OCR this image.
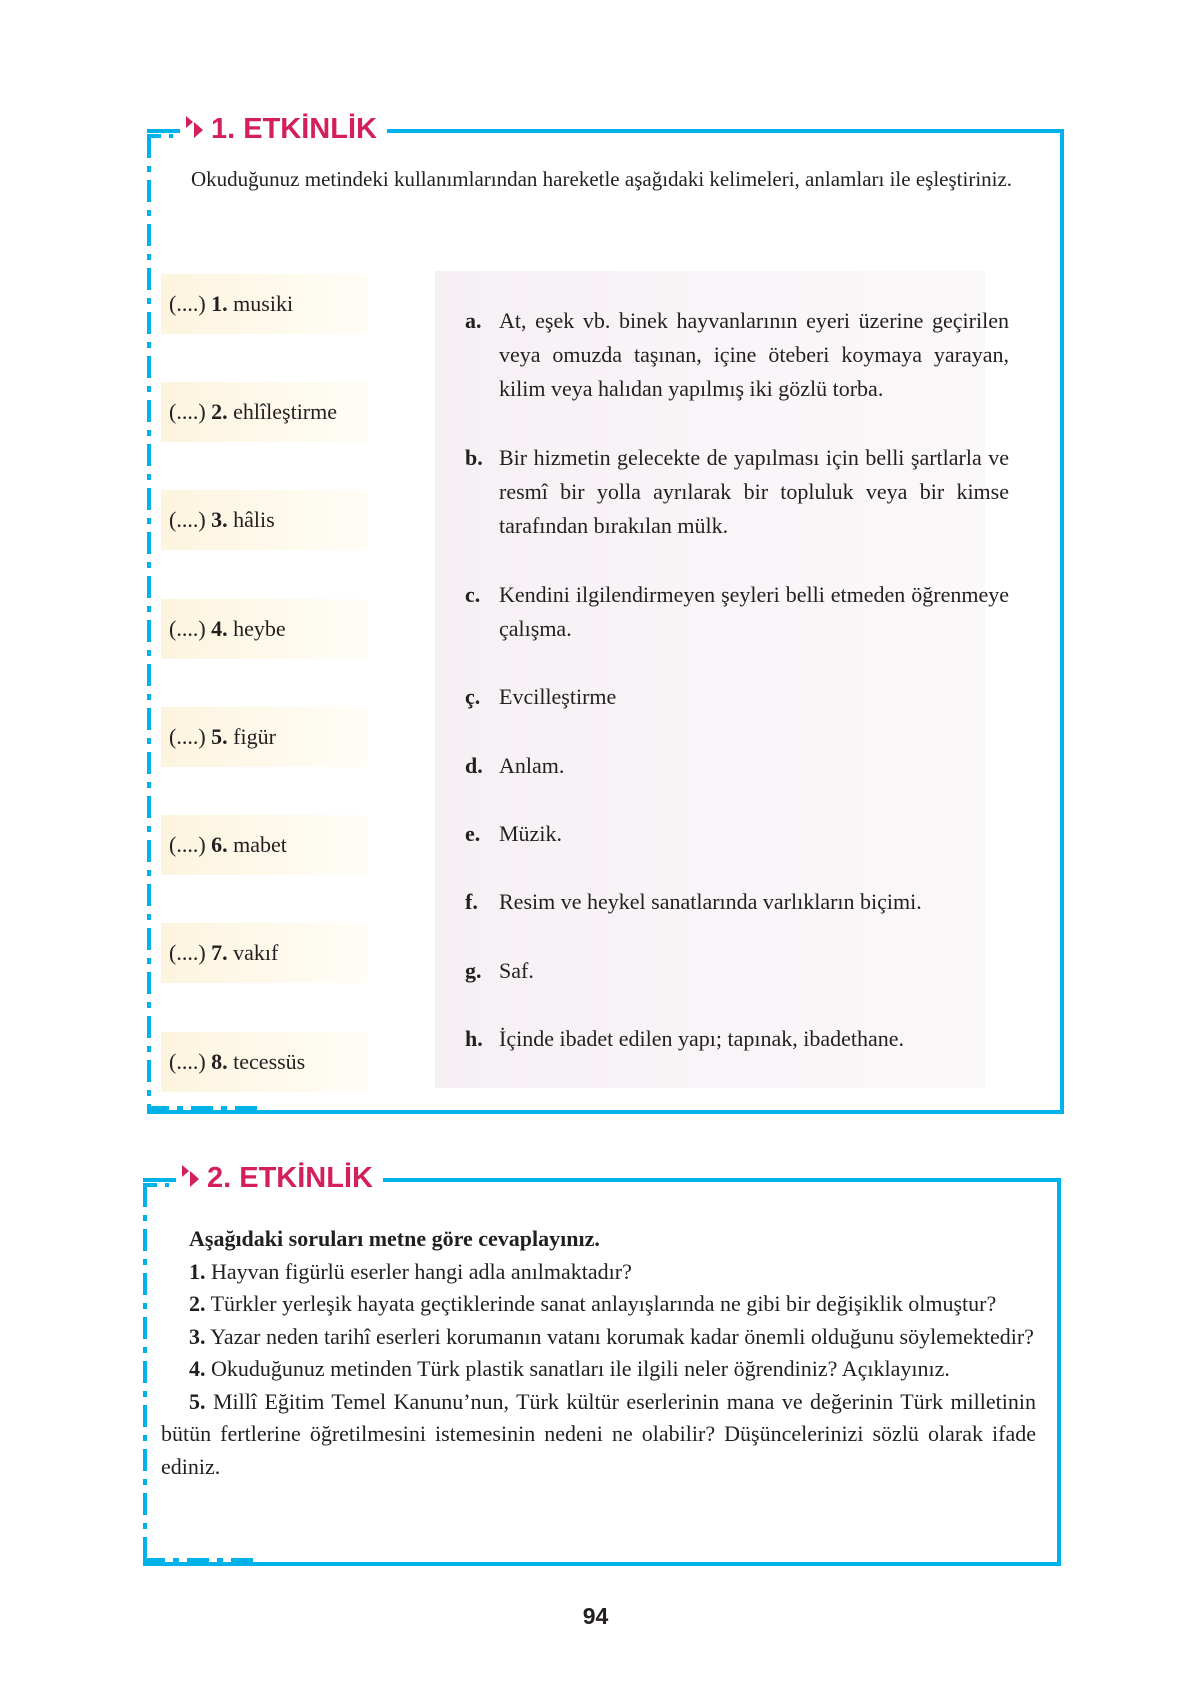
1. ETKİNLİK
Okuduğunuz metindeki kullanımlarından hareketle aşağıdaki kelimeleri, anlamları ile eşleştiriniz.
(....)
1.
musiki
(....)
2.
ehlîleştirme
(....)
3.
hâlis
(....)
4.
heybe
(....)
5.
figür
(....)
6.
mabet
(....)
7.
vakıf
(....)
8.
tecessüs
a. At, eşek vb. binek hayvanlarının eyeri üzerine geçirilen veya omuzda taşınan, içine öteberi koymaya yarayan, kilim veya halıdan yapılmış iki gözlü torba.
b. Bir hizmetin gelecekte de yapılması için belli şartlarla ve resmî bir yolla ayrılarak bir topluluk veya bir kimse tarafından bırakılan mülk.
c. Kendini ilgilendirmeyen şeyleri belli etmeden öğrenmeye çalışma.
ç. Evcilleştirme
d. Anlam.
e. Müzik.
f. Resim ve heykel sanatlarında varlıkların biçimi.
g. Saf.
h. İçinde ibadet edilen yapı; tapınak, ibadethane.
2. ETKİNLİK

Aşağıdaki soruları metne göre cevaplayınız.

1. Hayvan figürlü eserler hangi adla anılmaktadır?

2. Türkler yerleşik hayata geçtiklerinde sanat anlayışlarında ne gibi bir değişiklik olmuştur?

3. Yazar neden tarihî eserleri korumanın vatanı korumak kadar önemli olduğunu söylemektedir?

4. Okuduğunuz metinden Türk plastik sanatları ile ilgili neler öğrendiniz? Açıklayınız.

5. Millî Eğitim Temel Kanunu’nun, Türk kültür eserlerinin mana ve değerinin Türk milletinin bütün fertlerine öğretilmesini istemesinin nedeni ne olabilir? Düşüncelerinizi sözlü olarak ifade ediniz.

94
